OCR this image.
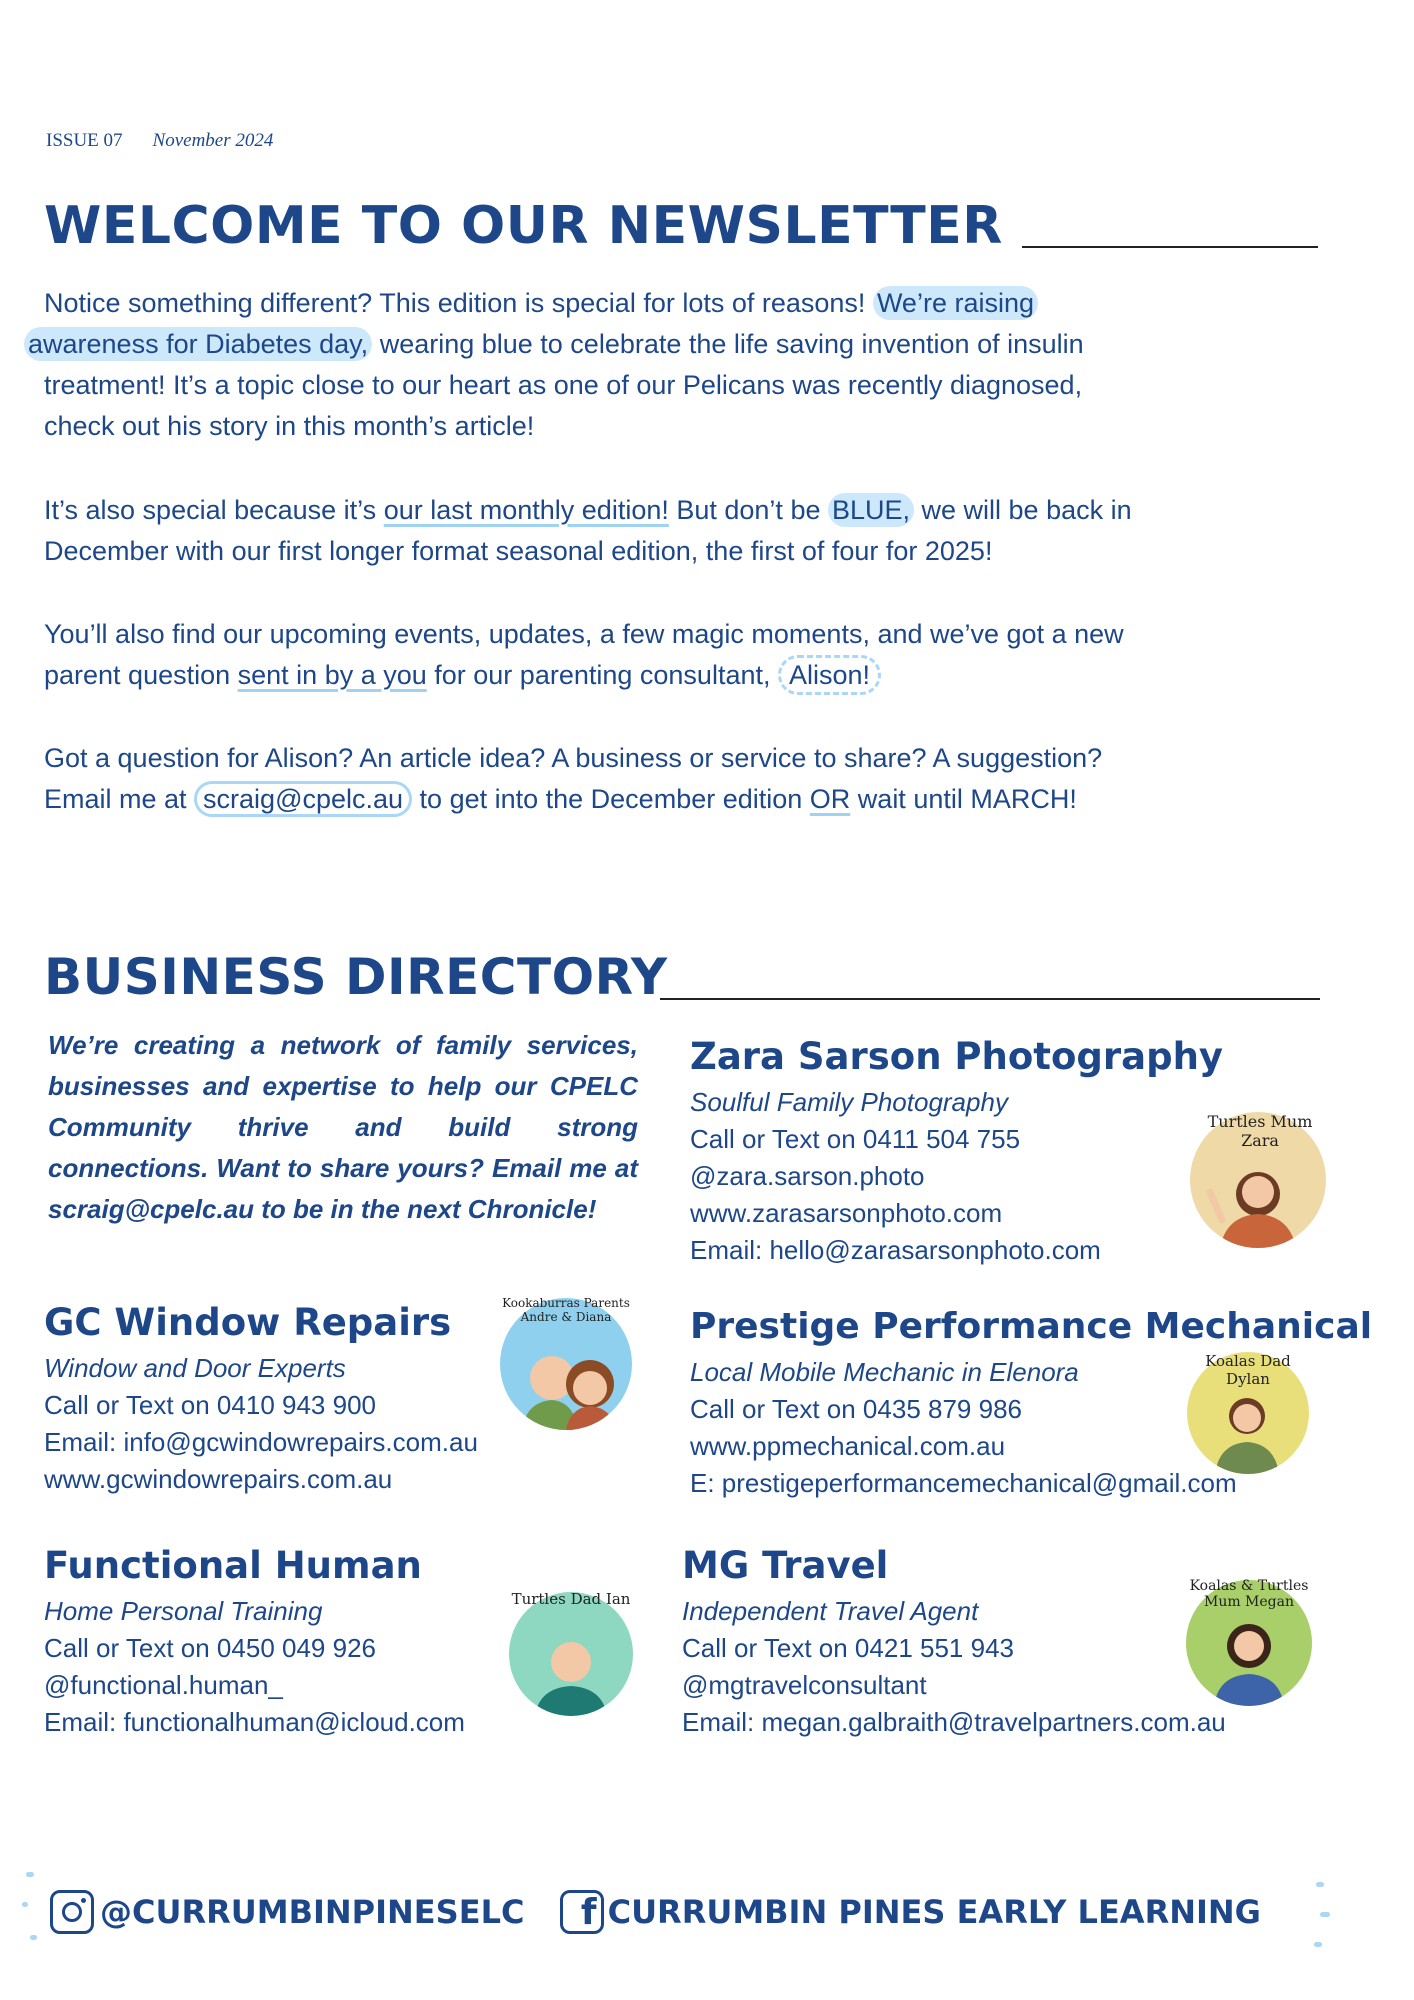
ISSUE 07 November 2024
WELCOME TO OUR NEWSLETTER
Notice something different? This edition is special for lots of reasons! We’re raising
awareness for Diabetes day, wearing blue to celebrate the life saving invention of insulin
treatment! It’s a topic close to our heart as one of our Pelicans was recently diagnosed,
check out his story in this month’s article!
It’s also special because it’s our last monthly edition! But don’t be BLUE, we will be back in
December with our first longer format seasonal edition, the first of four for 2025!
You’ll also find our upcoming events, updates, a few magic moments, and we’ve got a new
parent question sent in by a you for our parenting consultant, Alison!
Got a question for Alison? An article idea? A business or service to share? A suggestion?
Email me at scraig@cpelc.au to get into the December edition OR wait until MARCH!
BUSINESS DIRECTORY
We’re creating a network of family services, businesses and expertise to help our CPELC Community thrive and build strong connections. Want to share yours? Email me at scraig@cpelc.au to be in the next Chronicle!
Zara Sarson Photography
Soulful Family Photography
Call or Text on 0411 504 755
@zara.sarson.photo
www.zarasarsonphoto.com
Email: hello@zarasarsonphoto.com
Turtles Mum Zara
GC Window Repairs
Window and Door Experts
Call or Text on 0410 943 900
Email: info@gcwindowrepairs.com.au
www.gcwindowrepairs.com.au
Kookaburras Parents Andre & Diana	Prestige Performance Mechanical
Local Mobile Mechanic in Elenora
Call or Text on 0435 879 986
www.ppmechanical.com.au
E: prestigeperformancemechanical@gmail.com
Koalas Dad Dylan
Functional Human
Home Personal Training
Call or Text on 0450 049 926
@functional.human_
Email: functionalhuman@icloud.com
Turtles Dad Ian
MG Travel
Independent Travel Agent
Call or Text on 0421 551 943
@mgtravelconsultant
Email: megan.galbraith@travelpartners.com.au
Koalas & Turtles Mum Megan
@CURRUMBINPINESELC f CURRUMBIN PINES EARLY LEARNING
